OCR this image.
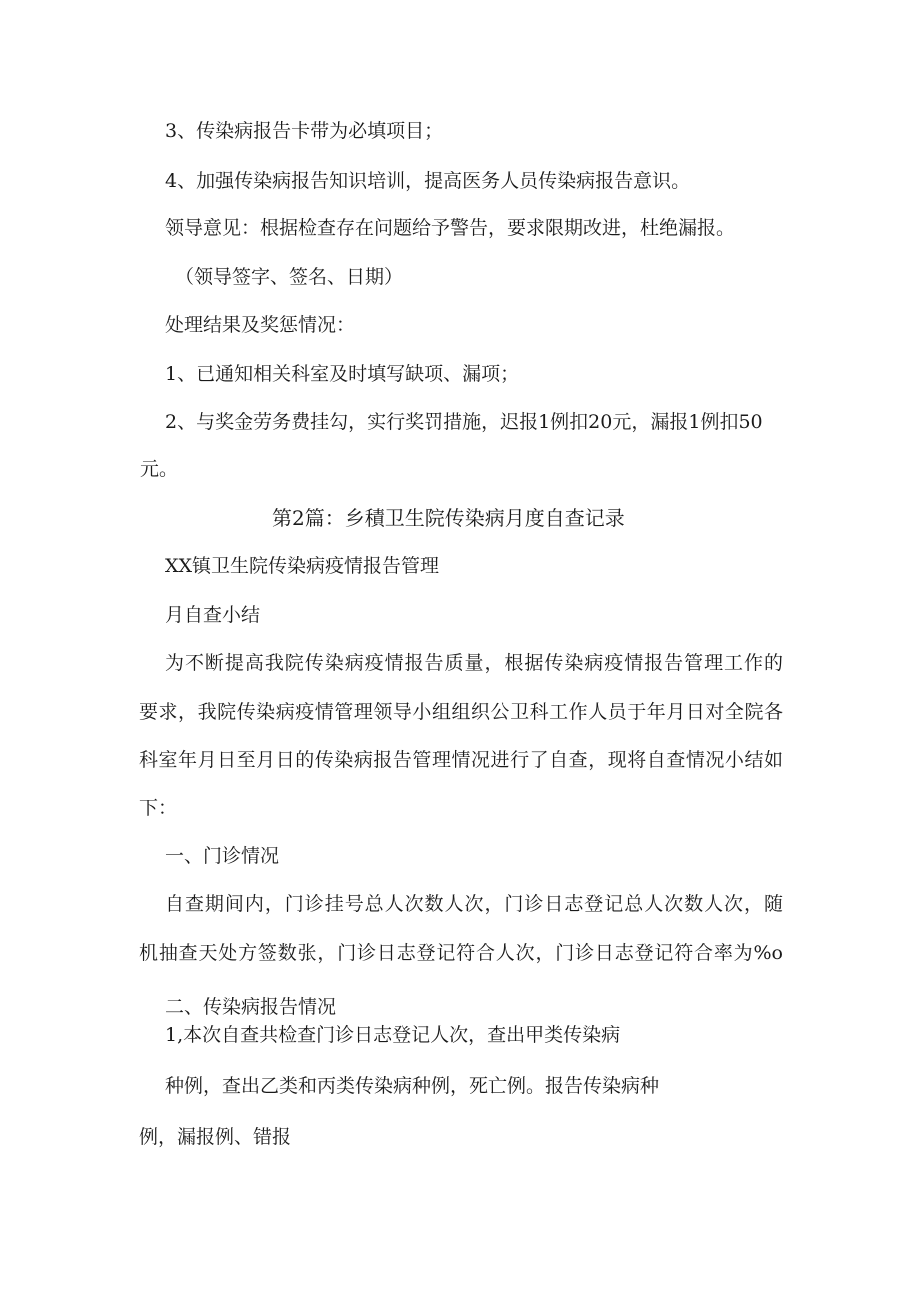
3、传染病报告卡带为必填项目；

4、加强传染病报告知识培训，提高医务人员传染病报告意识。

领导意见：根据检查存在问题给予警告，要求限期改进，杜绝漏报。

（领导签字、签名、日期）

处理结果及奖惩情况：

1、已通知相关科室及时填写缺项、漏项；

2、与奖金劳务费挂勾，实行奖罚措施，迟报1例扣20元，漏报1例扣50

元。

第2篇：乡積卫生院传染病月度自查记录

XX镇卫生院传染病疫情报告管理

月自查小结

为不断提高我院传染病疫情报告质量，根据传染病疫情报告管理工作的

要求，我院传染病疫情管理领导小组组织公卫科工作人员于年月日对全院各

科室年月日至月日的传染病报告管理情况进行了自查，现将自查情况小结如

下：

一、门诊情况

自查期间内，门诊挂号总人次数人次，门诊日志登记总人次数人次，随

机抽查天处方签数张，门诊日志登记符合人次，门诊日志登记符合率为%o

二、传染病报告情况

1,本次自查共检查门诊日志登记人次，查出甲类传染病

种例，查出乙类和丙类传染病种例，死亡例。报告传染病种

例，漏报例、错报
